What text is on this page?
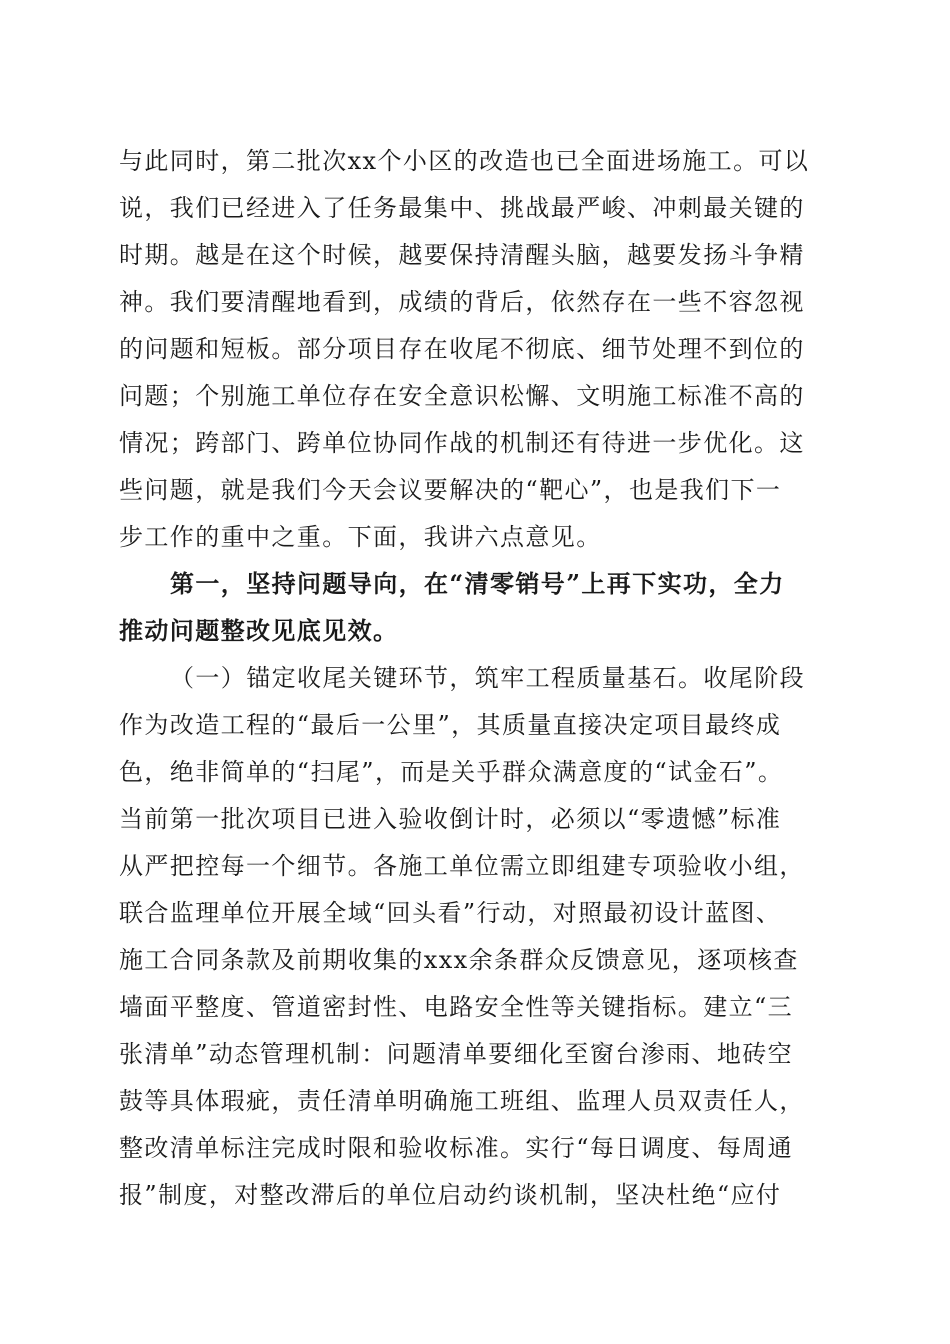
与此同时，第二批次xx个小区的改造也已全面进场施工。可以
说，我们已经进入了任务最集中、挑战最严峻、冲刺最关键的
时期。越是在这个时候，越要保持清醒头脑，越要发扬斗争精
神。我们要清醒地看到，成绩的背后，依然存在一些不容忽视
的问题和短板。部分项目存在收尾不彻底、细节处理不到位的
问题；个别施工单位存在安全意识松懈、文明施工标准不高的
情况；跨部门、跨单位协同作战的机制还有待进一步优化。这
些问题，就是我们今天会议要解决的“靶心”，也是我们下一
步工作的重中之重。下面，我讲六点意见。
第一，坚持问题导向，在“清零销号”上再下实功，全力
推动问题整改见底见效。
（一）锚定收尾关键环节，筑牢工程质量基石。收尾阶段
作为改造工程的“最后一公里”，其质量直接决定项目最终成
色，绝非简单的“扫尾”，而是关乎群众满意度的“试金石”。
当前第一批次项目已进入验收倒计时，必须以“零遗憾”标准
从严把控每一个细节。各施工单位需立即组建专项验收小组，
联合监理单位开展全域“回头看”行动，对照最初设计蓝图、
施工合同条款及前期收集的xxx余条群众反馈意见，逐项核查
墙面平整度、管道密封性、电路安全性等关键指标。建立“三
张清单”动态管理机制：问题清单要细化至窗台渗雨、地砖空
鼓等具体瑕疵，责任清单明确施工班组、监理人员双责任人，
整改清单标注完成时限和验收标准。实行“每日调度、每周通
报”制度，对整改滞后的单位启动约谈机制，坚决杜绝“应付
